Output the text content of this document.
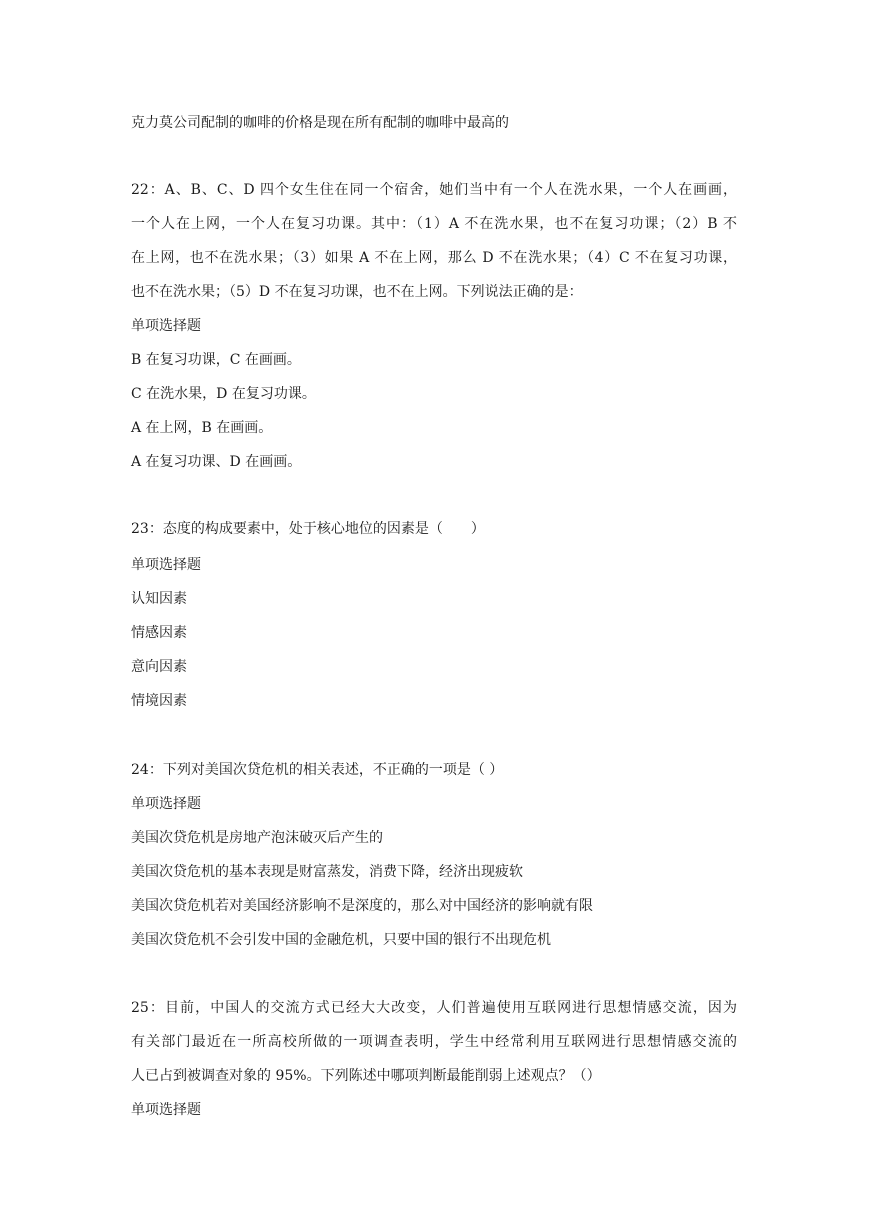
克力莫公司配制的咖啡的价格是现在所有配制的咖啡中最高的
22：A、B、C、D 四个女生住在同一个宿舍，她们当中有一个人在洗水果，一个人在画画，
一个人在上网，一个人在复习功课。其中：（1）A 不在洗水果，也不在复习功课；（2）B 不
在上网，也不在洗水果；（3）如果 A 不在上网，那么 D 不在洗水果；（4）C 不在复习功课，
也不在洗水果；（5）D 不在复习功课，也不在上网。下列说法正确的是：
单项选择题
B 在复习功课，C 在画画。
C 在洗水果，D 在复习功课。
A 在上网，B 在画画。
A 在复习功课、D 在画画。
23：态度的构成要素中，处于核心地位的因素是（　　）
单项选择题
认知因素
情感因素
意向因素
情境因素
24：下列对美国次贷危机的相关表述，不正确的一项是（ ）
单项选择题
美国次贷危机是房地产泡沫破灭后产生的
美国次贷危机的基本表现是财富蒸发，消费下降，经济出现疲软
美国次贷危机若对美国经济影响不是深度的，那么对中国经济的影响就有限
美国次贷危机不会引发中国的金融危机，只要中国的银行不出现危机
25：目前，中国人的交流方式已经大大改变，人们普遍使用互联网进行思想情感交流，因为
有关部门最近在一所高校所做的一项调查表明，学生中经常利用互联网进行思想情感交流的
人已占到被调查对象的 95%。下列陈述中哪项判断最能削弱上述观点？（）
单项选择题
